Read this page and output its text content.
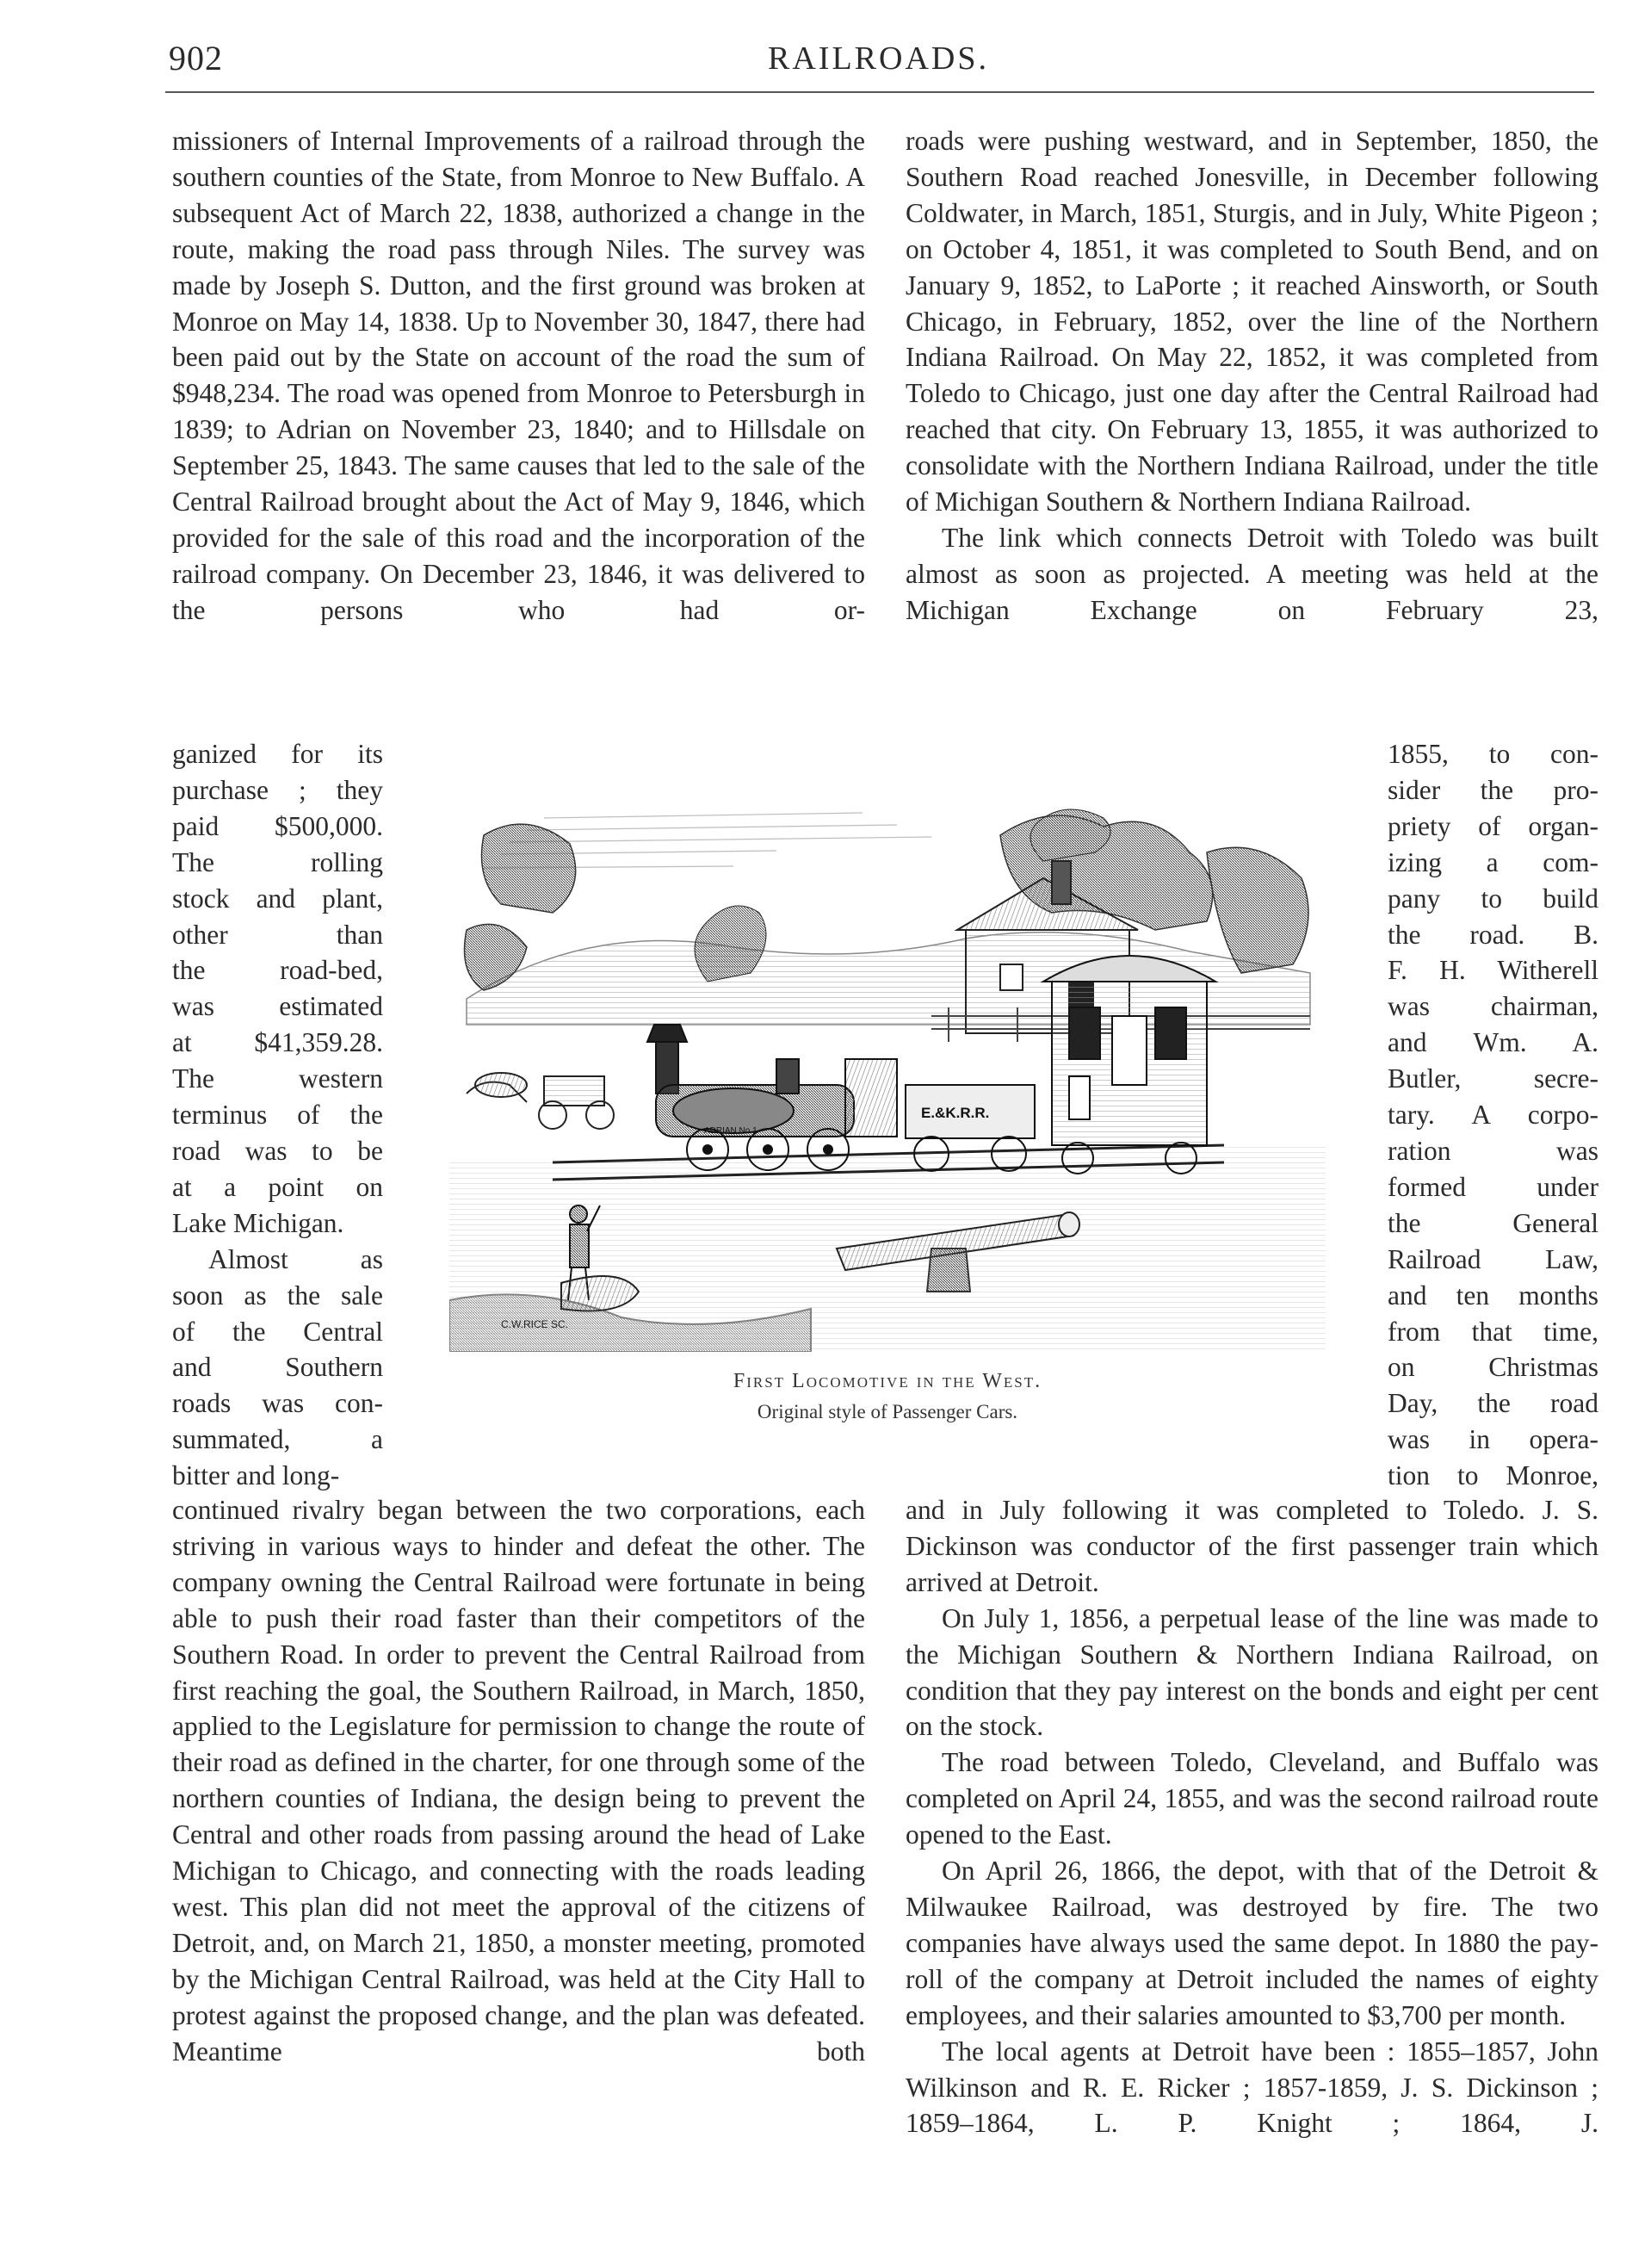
902	RAILROADS.

missioners of Internal Improvements of a railroad through the southern counties of the State, from Monroe to New Buffalo. A subsequent Act of March 22, 1838, authorized a change in the route, making the road pass through Niles. The survey was made by Joseph S. Dutton, and the first ground was broken at Monroe on May 14, 1838. Up to November 30, 1847, there had been paid out by the State on account of the road the sum of $948,234. The road was opened from Monroe to Petersburgh in 1839; to Adrian on November 23, 1840; and to Hillsdale on September 25, 1843. The same causes that led to the sale of the Central Railroad brought about the Act of May 9, 1846, which provided for the sale of this road and the incorporation of the railroad company. On December 23, 1846, it was delivered to the persons who had or-

ganized for its
purchase ; they
paid $500,000.
The rolling
stock and plant,
other than
the road-bed,
was estimated
at $41,359.28.
The western
terminus of the
road was to be
at a point on
Lake Michigan.
Almost as
soon as the sale
of the Central
and Southern
roads was con-
summated, a
bitter and long-

continued rivalry began between the two corporations, each striving in various ways to hinder and defeat the other. The company owning the Central Railroad were fortunate in being able to push their road faster than their competitors of the Southern Road. In order to prevent the Central Railroad from first reaching the goal, the Southern Railroad, in March, 1850, applied to the Legislature for permission to change the route of their road as defined in the charter, for one through some of the northern counties of Indiana, the design being to prevent the Central and other roads from passing around the head of Lake Michigan to Chicago, and connecting with the roads leading west. This plan did not meet the approval of the citizens of Detroit, and, on March 21, 1850, a monster meeting, promoted by the Michigan Central Railroad, was held at the City Hall to protest against the proposed change, and the plan was defeated. Meantime both

roads were pushing westward, and in September, 1850, the Southern Road reached Jonesville, in December following Coldwater, in March, 1851, Sturgis, and in July, White Pigeon ; on October 4, 1851, it was completed to South Bend, and on January 9, 1852, to LaPorte ; it reached Ainsworth, or South Chicago, in February, 1852, over the line of the Northern Indiana Railroad. On May 22, 1852, it was completed from Toledo to Chicago, just one day after the Central Railroad had reached that city. On February 13, 1855, it was authorized to consolidate with the Northern Indiana Railroad, under the title of Michigan Southern & Northern Indiana Railroad.

The link which connects Detroit with Toledo was built almost as soon as projected. A meeting was held at the Michigan Exchange on February 23,

1855, to con-
sider the pro-
priety of organ-
izing a com-
pany to build
the road. B.
F. H. Witherell
was chairman,
and Wm. A.
Butler, secre-
tary. A corpo-
ration was
formed under
the General
Railroad Law,
and ten months
from that time,
on Christmas
Day, the road
was in opera-
tion to Monroe,

and in July following it was completed to Toledo. J. S. Dickinson was conductor of the first passenger train which arrived at Detroit.

On July 1, 1856, a perpetual lease of the line was made to the Michigan Southern & Northern Indiana Railroad, on condition that they pay interest on the bonds and eight per cent on the stock.

The road between Toledo, Cleveland, and Buffalo was completed on April 24, 1855, and was the second railroad route opened to the East.

On April 26, 1866, the depot, with that of the Detroit & Milwaukee Railroad, was destroyed by fire. The two companies have always used the same depot. In 1880 the pay-roll of the company at Detroit included the names of eighty employees, and their salaries amounted to $3,700 per month.

The local agents at Detroit have been : 1855–1857, John Wilkinson and R. E. Ricker ; 1857-1859, J. S. Dickinson ; 1859–1864, L. P. Knight ; 1864, J.

E.&K.R.R.
ADRIAN No 1
C.W.RICE SC.
First Locomotive in the West.
Original style of Passenger Cars.
